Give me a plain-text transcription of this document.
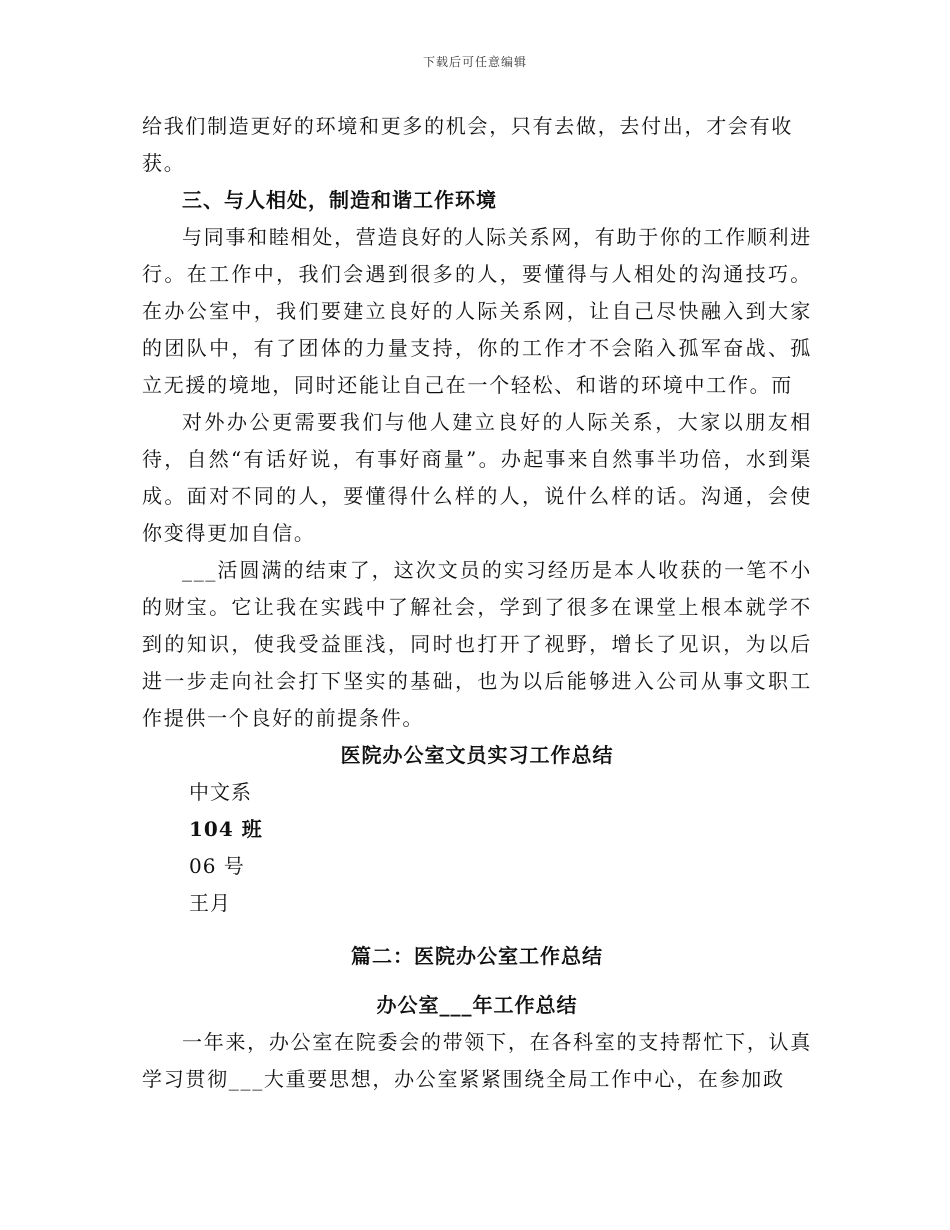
下载后可任意编辑

给我们制造更好的环境和更多的机会，只有去做，去付出，才会有收获。

三、与人相处，制造和谐工作环境

与同事和睦相处，营造良好的人际关系网，有助于你的工作顺利进行。在工作中，我们会遇到很多的人，要懂得与人相处的沟通技巧。在办公室中，我们要建立良好的人际关系网，让自己尽快融入到大家的团队中，有了团体的力量支持，你的工作才不会陷入孤军奋战、孤立无援的境地，同时还能让自己在一个轻松、和谐的环境中工作。而

对外办公更需要我们与他人建立良好的人际关系，大家以朋友相待，自然“有话好说，有事好商量”。办起事来自然事半功倍，水到渠成。面对不同的人，要懂得什么样的人，说什么样的话。沟通，会使你变得更加自信。

___活圆满的结束了，这次文员的实习经历是本人收获的一笔不小的财宝。它让我在实践中了解社会，学到了很多在课堂上根本就学不到的知识，使我受益匪浅，同时也打开了视野，增长了见识，为以后进一步走向社会打下坚实的基础，也为以后能够进入公司从事文职工作提供一个良好的前提条件。

医院办公室文员实习工作总结

中文系

104 班

06 号

王月

篇二：医院办公室工作总结

办公室___年工作总结

一年来，办公室在院委会的带领下，在各科室的支持帮忙下，认真学习贯彻___大重要思想，办公室紧紧围绕全局工作中心，在参加政
